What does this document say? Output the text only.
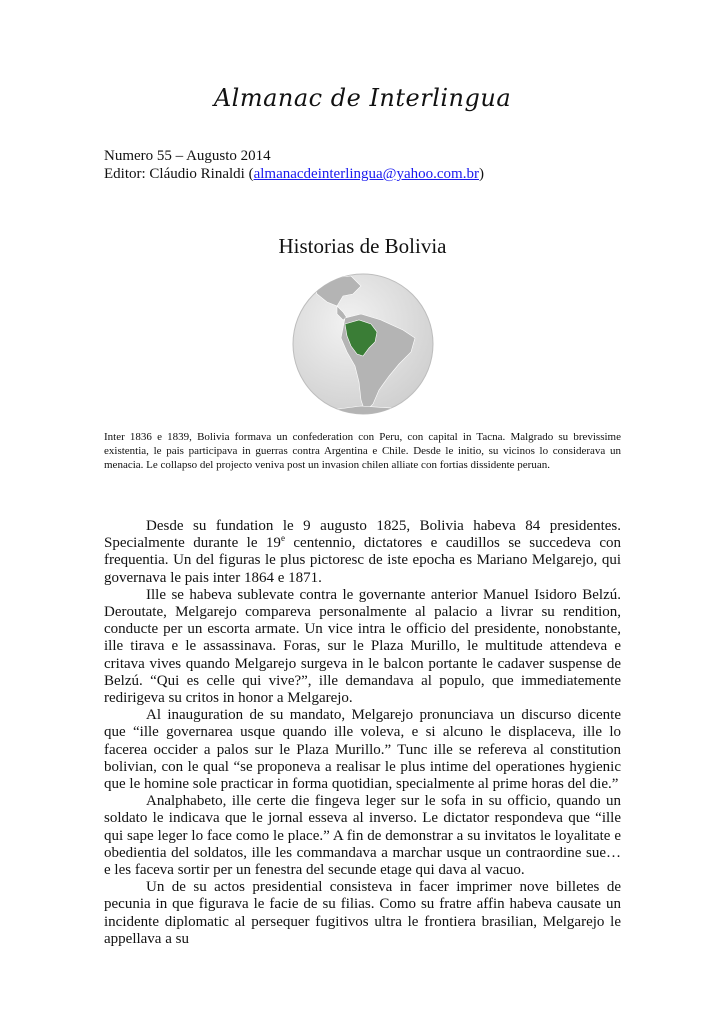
Almanac de Interlingua
Numero 55 – Augusto 2014
Editor: Cláudio Rinaldi (almanacdeinterlingua@yahoo.com.br)
Historias de Bolivia
Inter 1836 e 1839, Bolivia formava un confederation con Peru, con capital in Tacna. Malgrado su brevissime existentia, le pais participava in guerras contra Argentina e Chile. Desde le initio, su vicinos lo considerava un menacia. Le collapso del projecto veniva post un invasion chilen alliate con fortias dissidente peruan.

Desde su fundation le 9 augusto 1825, Bolivia habeva 84 presidentes. Specialmente durante le 19e centennio, dictatores e caudillos se succedeva con frequentia. Un del figuras le plus pictoresc de iste epocha es Mariano Melgarejo, qui governava le pais inter 1864 e 1871.

Ille se habeva sublevate contra le governante anterior Manuel Isidoro Belzú. Deroutate, Melgarejo compareva personalmente al palacio a livrar su rendition, conducte per un escorta armate. Un vice intra le officio del presidente, nonobstante, ille tirava e le assassinava. Foras, sur le Plaza Murillo, le multitude attendeva e critava vives quando Melgarejo surgeva in le balcon portante le cadaver suspense de Belzú. “Qui es celle qui vive?”, ille demandava al populo, que immediatemente redirigeva su critos in honor a Melgarejo.

Al inauguration de su mandato, Melgarejo pronunciava un discurso dicente que “ille governarea usque quando ille voleva, e si alcuno le displaceva, ille lo facerea occider a palos sur le Plaza Murillo.” Tunc ille se refereva al constitution bolivian, con le qual “se proponeva a realisar le plus intime del operationes hygienic que le homine sole practicar in forma quotidian, specialmente al prime horas del die.”

Analphabeto, ille certe die fingeva leger sur le sofa in su officio, quando un soldato le indicava que le jornal esseva al inverso. Le dictator respondeva que “ille qui sape leger lo face como le place.” A fin de demonstrar a su invitatos le loyalitate e obedientia del soldatos, ille les commandava a marchar usque un contraordine sue… e les faceva sortir per un fenestra del secunde etage qui dava al vacuo.

Un de su actos presidential consisteva in facer imprimer nove billetes de pecunia in que figurava le facie de su filias. Como su fratre affin habeva causate un incidente diplomatic al persequer fugitivos ultra le frontiera brasilian, Melgarejo le appellava a su
